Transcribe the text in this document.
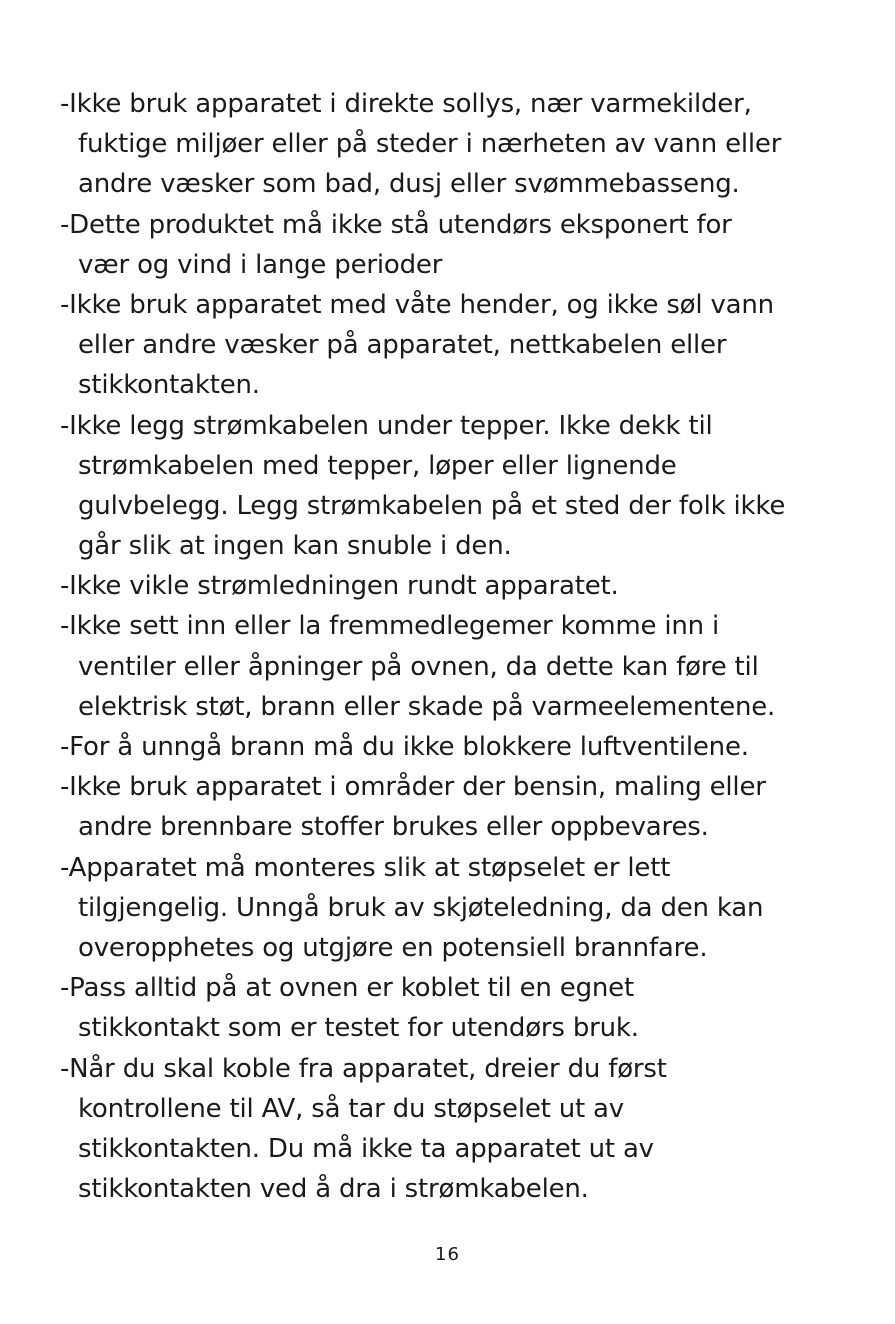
-Ikke bruk apparatet i direkte sollys, nær varmekilder,
fuktige miljøer eller på steder i nærheten av vann eller
andre væsker som bad, dusj eller svømmebasseng.
-Dette produktet må ikke stå utendørs eksponert for
vær og vind i lange perioder
-Ikke bruk apparatet med våte hender, og ikke søl vann
eller andre væsker på apparatet, nettkabelen eller
stikkontakten.
-Ikke legg strømkabelen under tepper. Ikke dekk til
strømkabelen med tepper, løper eller lignende
gulvbelegg. Legg strømkabelen på et sted der folk ikke
går slik at ingen kan snuble i den.
-Ikke vikle strømledningen rundt apparatet.
-Ikke sett inn eller la fremmedlegemer komme inn i
ventiler eller åpninger på ovnen, da dette kan føre til
elektrisk støt, brann eller skade på varmeelementene.
-For å unngå brann må du ikke blokkere luftventilene.
-Ikke bruk apparatet i områder der bensin, maling eller
andre brennbare stoffer brukes eller oppbevares.
-Apparatet må monteres slik at støpselet er lett
tilgjengelig. Unngå bruk av skjøteledning, da den kan
overopphetes og utgjøre en potensiell brannfare.
-Pass alltid på at ovnen er koblet til en egnet
stikkontakt som er testet for utendørs bruk.
-Når du skal koble fra apparatet, dreier du først
kontrollene til AV, så tar du støpselet ut av
stikkontakten. Du må ikke ta apparatet ut av
stikkontakten ved å dra i strømkabelen.
16
